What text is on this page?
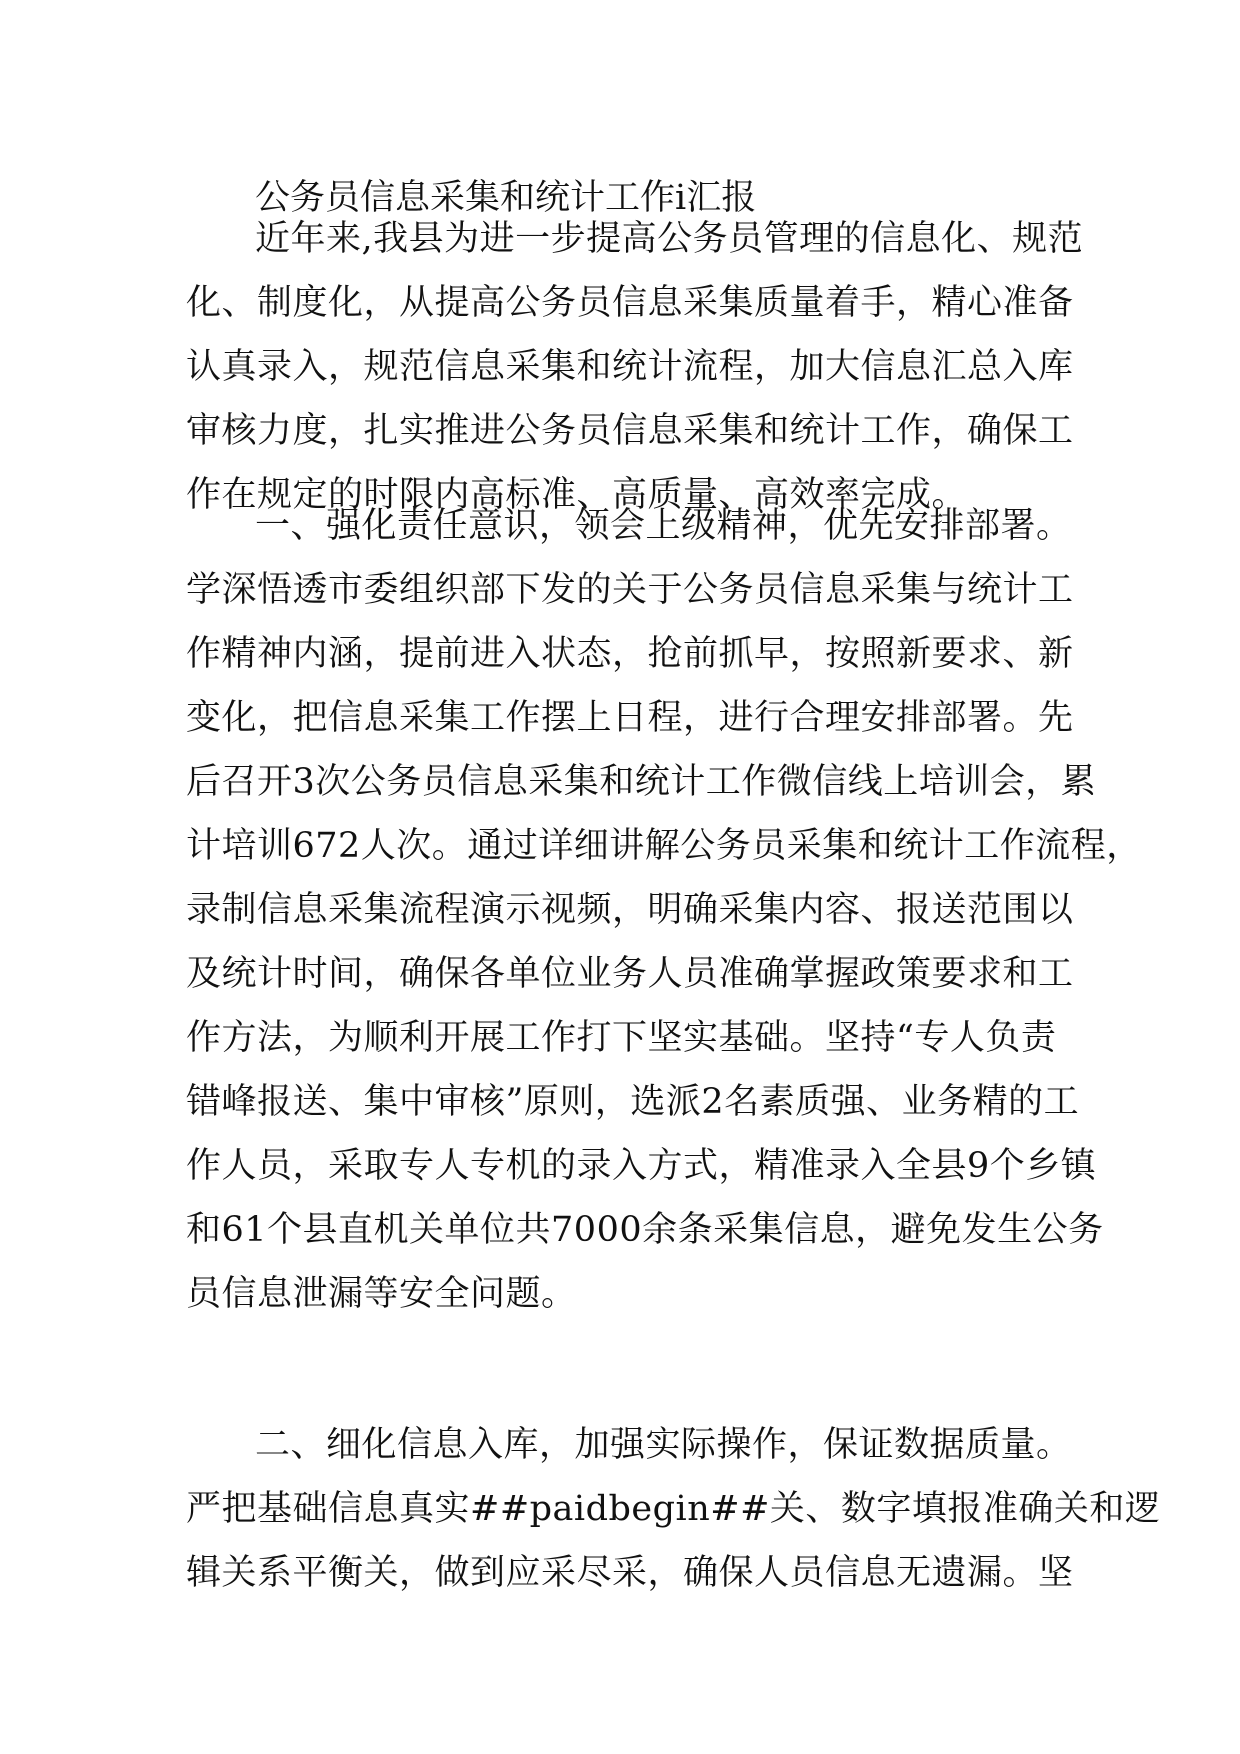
公务员信息采集和统计工作ⅰ汇报
近年来,我县为进一步提高公务员管理的信息化、规范
化、制度化，从提高公务员信息采集质量着手，精心准备
认真录入，规范信息采集和统计流程，加大信息汇总入库
审核力度，扎实推进公务员信息采集和统计工作，确保工
作在规定的时限内高标准、高质量、高效率完成。
一、强化责任意识，领会上级精神，优先安排部署。
学深悟透市委组织部下发的关于公务员信息采集与统计工
作精神内涵，提前进入状态，抢前抓早，按照新要求、新
变化，把信息采集工作摆上日程，进行合理安排部署。先
后召开3次公务员信息采集和统计工作微信线上培训会，累
计培训672人次。通过详细讲解公务员采集和统计工作流程，
录制信息采集流程演示视频，明确采集内容、报送范围以
及统计时间，确保各单位业务人员准确掌握政策要求和工
作方法，为顺利开展工作打下坚实基础。坚持“专人负责
错峰报送、集中审核”原则，选派2名素质强、业务精的工
作人员，采取专人专机的录入方式，精准录入全县9个乡镇
和61个县直机关单位共7000余条采集信息，避免发生公务
员信息泄漏等安全问题。
二、细化信息入库，加强实际操作，保证数据质量。
严把基础信息真实##paidbegin##关、数字填报准确关和逻
辑关系平衡关，做到应采尽采，确保人员信息无遗漏。坚
